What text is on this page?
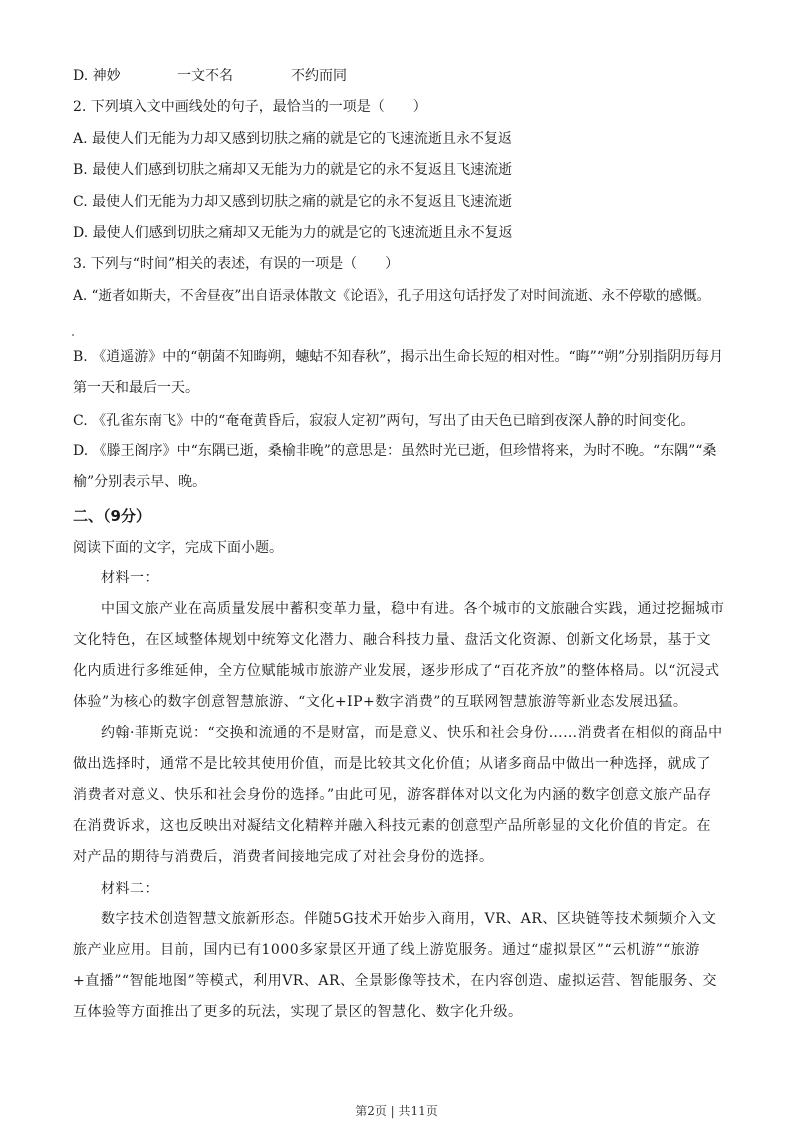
D. 神妙	一文不名	不约而同
2. 下列填入文中画线处的句子，最恰当的一项是（　　）
A. 最使人们无能为力却又感到切肤之痛的就是它的飞速流逝且永不复返
B. 最使人们感到切肤之痛却又无能为力的就是它的永不复返且飞速流逝
C. 最使人们无能为力却又感到切肤之痛的就是它的永不复返且飞速流逝
D. 最使人们感到切肤之痛却又无能为力的就是它的飞速流逝且永不复返
3. 下列与“时间”相关的表述，有误的一项是（　　）
A. “逝者如斯夫，不舍昼夜”出自语录体散文《论语》，孔子用这句话抒发了对时间流逝、永不停歇的感慨。
B. 《逍遥游》中的“朝菌不知晦朔，蟪蛄不知春秋”，揭示出生命长短的相对性。“晦”“朔”分别指阴历每月第一天和最后一天。
C. 《孔雀东南飞》中的“奄奄黄昏后，寂寂人定初”两句，写出了由天色已暗到夜深人静的时间变化。
D. 《滕王阁序》中“东隅已逝，桑榆非晚”的意思是：虽然时光已逝，但珍惜将来，为时不晚。“东隅”“桑榆”分别表示早、晚。
二、（9分）
阅读下面的文字，完成下面小题。
材料一：
中国文旅产业在高质量发展中蓄积变革力量，稳中有进。各个城市的文旅融合实践，通过挖掘城市文化特色，在区域整体规划中统筹文化潜力、融合科技力量、盘活文化资源、创新文化场景，基于文化内质进行多维延伸，全方位赋能城市旅游产业发展，逐步形成了“百花齐放”的整体格局。以“沉浸式体验”为核心的数字创意智慧旅游、“文化+IP+数字消费”的互联网智慧旅游等新业态发展迅猛。
约翰·菲斯克说：“交换和流通的不是财富，而是意义、快乐和社会身份……消费者在相似的商品中做出选择时，通常不是比较其使用价值，而是比较其文化价值；从诸多商品中做出一种选择，就成了消费者对意义、快乐和社会身份的选择。”由此可见，游客群体对以文化为内涵的数字创意文旅产品存在消费诉求，这也反映出对凝结文化精粹并融入科技元素的创意型产品所彰显的文化价值的肯定。在对产品的期待与消费后，消费者间接地完成了对社会身份的选择。
材料二：
数字技术创造智慧文旅新形态。伴随5G技术开始步入商用，VR、AR、区块链等技术频频介入文旅产业应用。目前，国内已有1000多家景区开通了线上游览服务。通过“虚拟景区”“云机游”“旅游+直播”“智能地图”等模式，利用VR、AR、全景影像等技术，在内容创造、虚拟运营、智能服务、交互体验等方面推出了更多的玩法，实现了景区的智慧化、数字化升级。
第2页 | 共11页
